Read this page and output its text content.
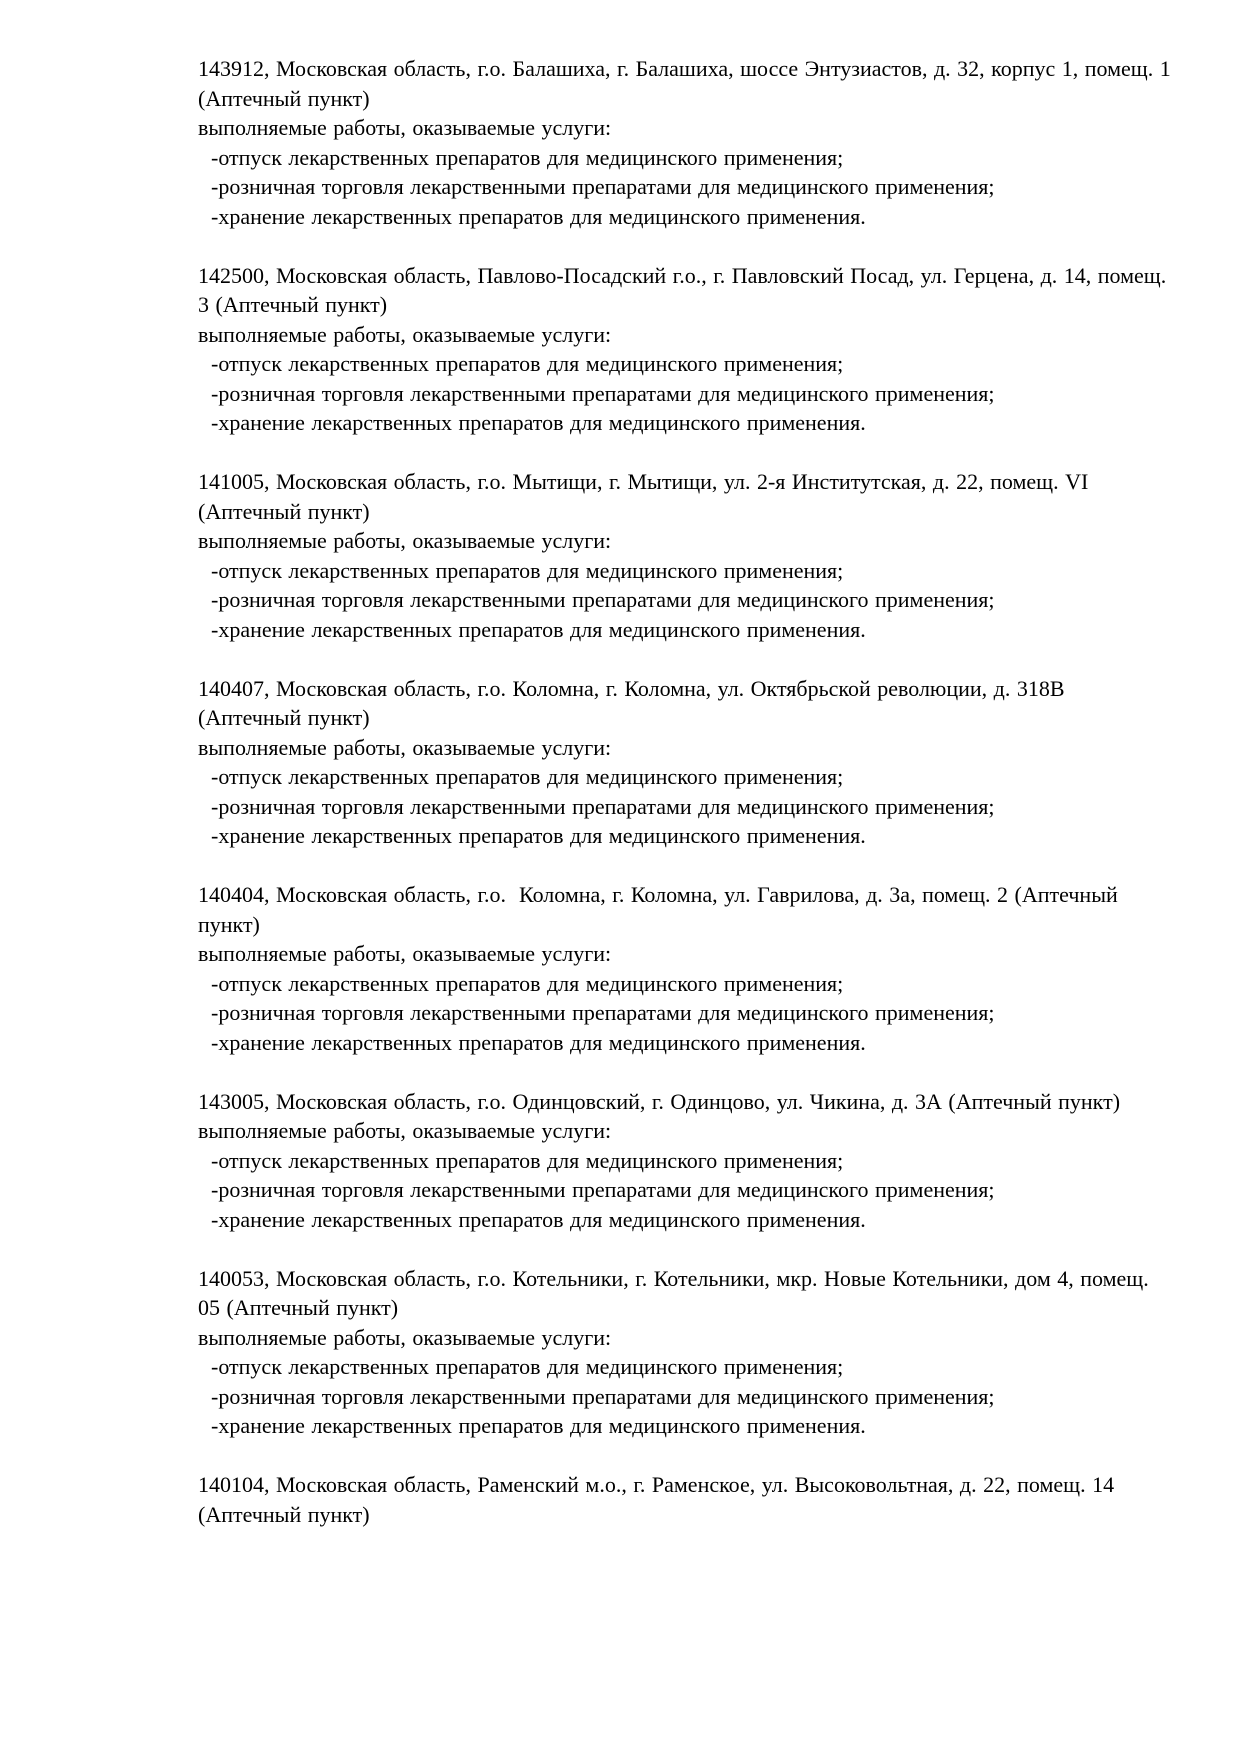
143912, Московская область, г.о. Балашиха, г. Балашиха, шоссе Энтузиастов, д. 32, корпус 1, помещ. 1 (Аптечный пункт)

выполняемые работы, оказываемые услуги:

-отпуск лекарственных препаратов для медицинского применения;

-розничная торговля лекарственными препаратами для медицинского применения;

-хранение лекарственных препаратов для медицинского применения.

142500, Московская область, Павлово-Посадский г.о., г. Павловский Посад, ул. Герцена, д. 14, помещ. 3 (Аптечный пункт)

выполняемые работы, оказываемые услуги:

-отпуск лекарственных препаратов для медицинского применения;

-розничная торговля лекарственными препаратами для медицинского применения;

-хранение лекарственных препаратов для медицинского применения.

141005, Московская область, г.о. Мытищи, г. Мытищи, ул. 2-я Институтская, д. 22, помещ. VI (Аптечный пункт)

выполняемые работы, оказываемые услуги:

-отпуск лекарственных препаратов для медицинского применения;

-розничная торговля лекарственными препаратами для медицинского применения;

-хранение лекарственных препаратов для медицинского применения.

140407, Московская область, г.о. Коломна, г. Коломна, ул. Октябрьской революции, д. 318В (Аптечный пункт)

выполняемые работы, оказываемые услуги:

-отпуск лекарственных препаратов для медицинского применения;

-розничная торговля лекарственными препаратами для медицинского применения;

-хранение лекарственных препаратов для медицинского применения.

140404, Московская область, г.о.  Коломна, г. Коломна, ул. Гаврилова, д. 3а, помещ. 2 (Аптечный пункт)

выполняемые работы, оказываемые услуги:

-отпуск лекарственных препаратов для медицинского применения;

-розничная торговля лекарственными препаратами для медицинского применения;

-хранение лекарственных препаратов для медицинского применения.

143005, Московская область, г.о. Одинцовский, г. Одинцово, ул. Чикина, д. 3А (Аптечный пункт)

выполняемые работы, оказываемые услуги:

-отпуск лекарственных препаратов для медицинского применения;

-розничная торговля лекарственными препаратами для медицинского применения;

-хранение лекарственных препаратов для медицинского применения.

140053, Московская область, г.о. Котельники, г. Котельники, мкр. Новые Котельники, дом 4, помещ. 05 (Аптечный пункт)

выполняемые работы, оказываемые услуги:

-отпуск лекарственных препаратов для медицинского применения;

-розничная торговля лекарственными препаратами для медицинского применения;

-хранение лекарственных препаратов для медицинского применения.

140104, Московская область, Раменский м.о., г. Раменское, ул. Высоковольтная, д. 22, помещ. 14 (Аптечный пункт)
